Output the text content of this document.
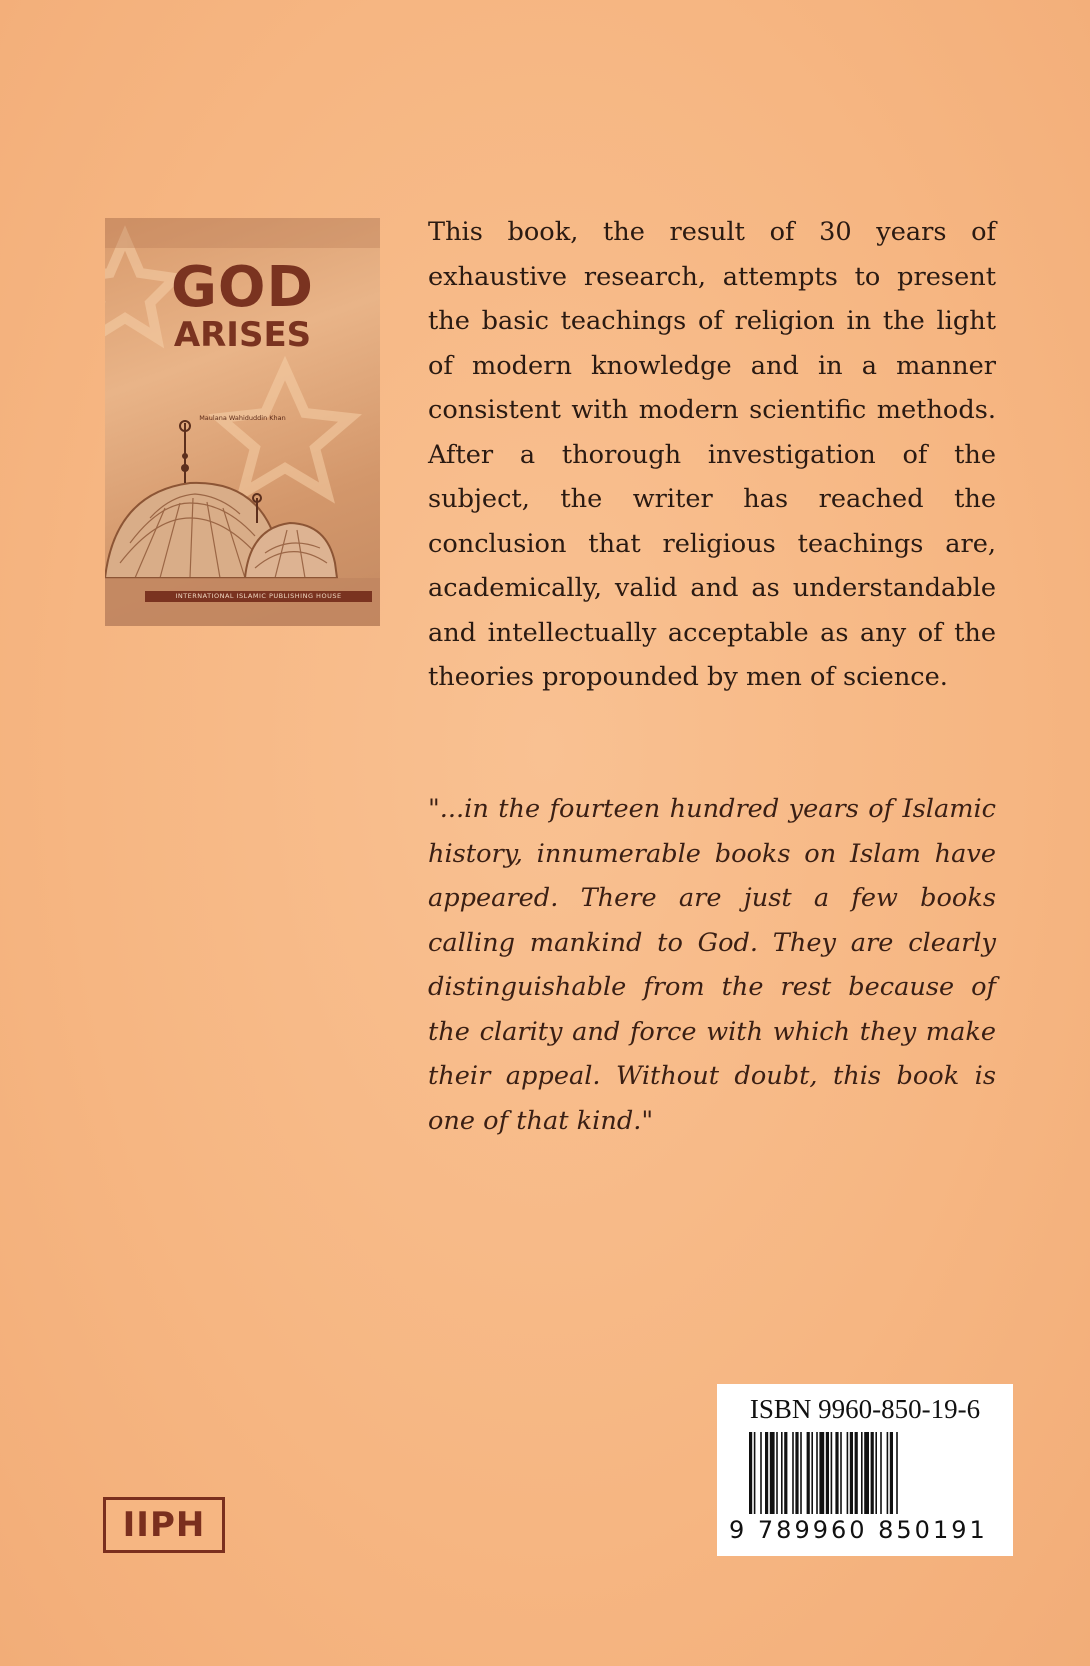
GOD
ARISES
Maulana Wahiduddin Khan
INTERNATIONAL ISLAMIC PUBLISHING HOUSE

This book, the result of 30 years of exhaustive research, attempts to present the basic teachings of religion in the light of modern knowledge and in a manner consistent with modern scientific methods. After a thorough investigation of the subject, the writer has reached the conclusion that religious teachings are, academically, valid and as understandable and intellectually acceptable as any of the theories propounded by men of science.

"...in the fourteen hundred years of Islamic history, innumerable books on Islam have appeared. There are just a few books calling mankind to God. They are clearly distinguishable from the rest because of the clarity and force with which they make their appeal. Without doubt, this book is one of that kind."

ISBN 9960-850-19-6

9 789960 850191

IIPH
